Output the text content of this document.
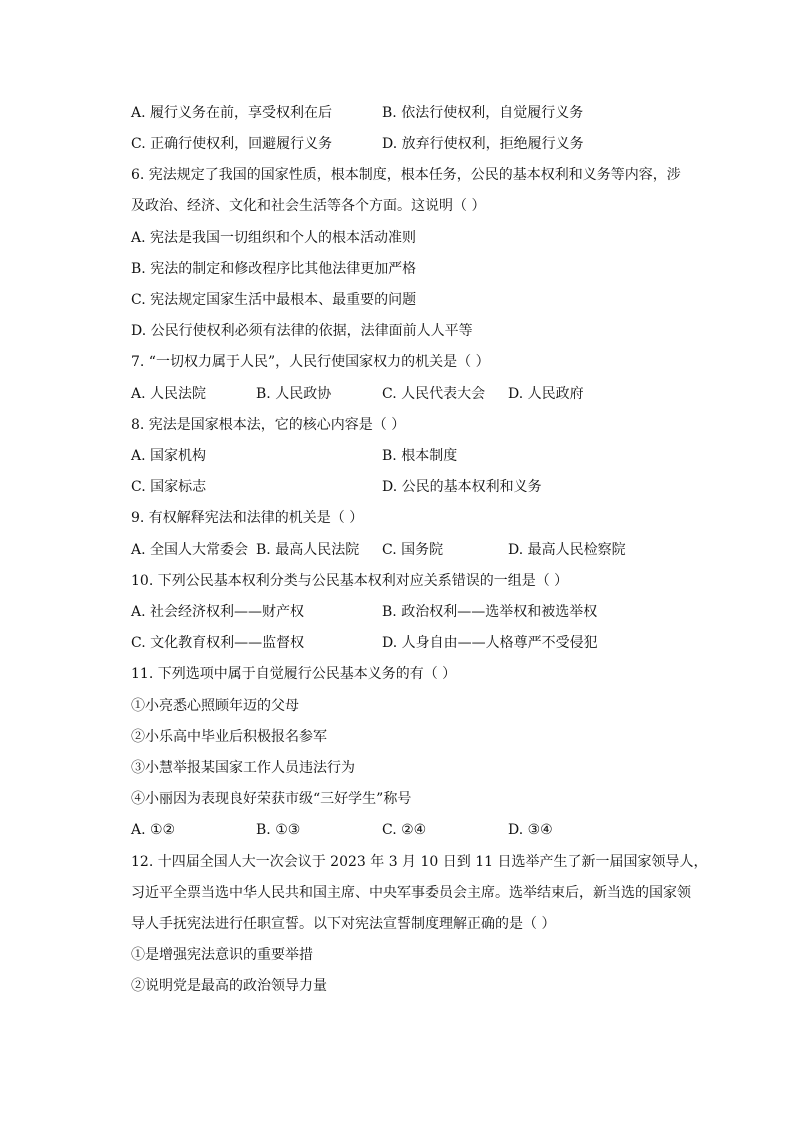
A. 履行义务在前，享受权利在后	B. 依法行使权利，自觉履行义务
C. 正确行使权利，回避履行义务	D. 放弃行使权利，拒绝履行义务
6. 宪法规定了我国的国家性质，根本制度，根本任务，公民的基本权利和义务等内容，涉
及政治、经济、文化和社会生活等各个方面。这说明（ ）
A. 宪法是我国一切组织和个人的根本活动准则
B. 宪法的制定和修改程序比其他法律更加严格
C. 宪法规定国家生活中最根本、最重要的问题
D. 公民行使权利必须有法律的依据，法律面前人人平等
7. “一切权力属于人民”，人民行使国家权力的机关是（ ）
A. 人民法院	B. 人民政协	C. 人民代表大会 D. 人民政府
8. 宪法是国家根本法，它的核心内容是（ ）
A. 国家机构	B. 根本制度
C. 国家标志	D. 公民的基本权利和义务
9. 有权解释宪法和法律的机关是（ ）
A. 全国人大常委会 B. 最高人民法院 C. 国务院	D. 最高人民检察院
10. 下列公民基本权利分类与公民基本权利对应关系错误的一组是（ ）
A. 社会经济权利——财产权	B. 政治权利——选举权和被选举权
C. 文化教育权利——监督权	D. 人身自由——人格尊严不受侵犯
11. 下列选项中属于自觉履行公民基本义务的有（ ）
①小亮悉心照顾年迈的父母
②小乐高中毕业后积极报名参军
③小慧举报某国家工作人员违法行为
④小丽因为表现良好荣获市级“三好学生”称号
A. ①②	B. ①③	C. ②④	D. ③④
12. 十四届全国人大一次会议于 2023 年 3 月 10 日到 11 日选举产生了新一届国家领导人，
习近平全票当选中华人民共和国主席、中央军事委员会主席。选举结束后，新当选的国家领
导人手抚宪法进行任职宣誓。以下对宪法宣誓制度理解正确的是（ ）
①是增强宪法意识的重要举措
②说明党是最高的政治领导力量
